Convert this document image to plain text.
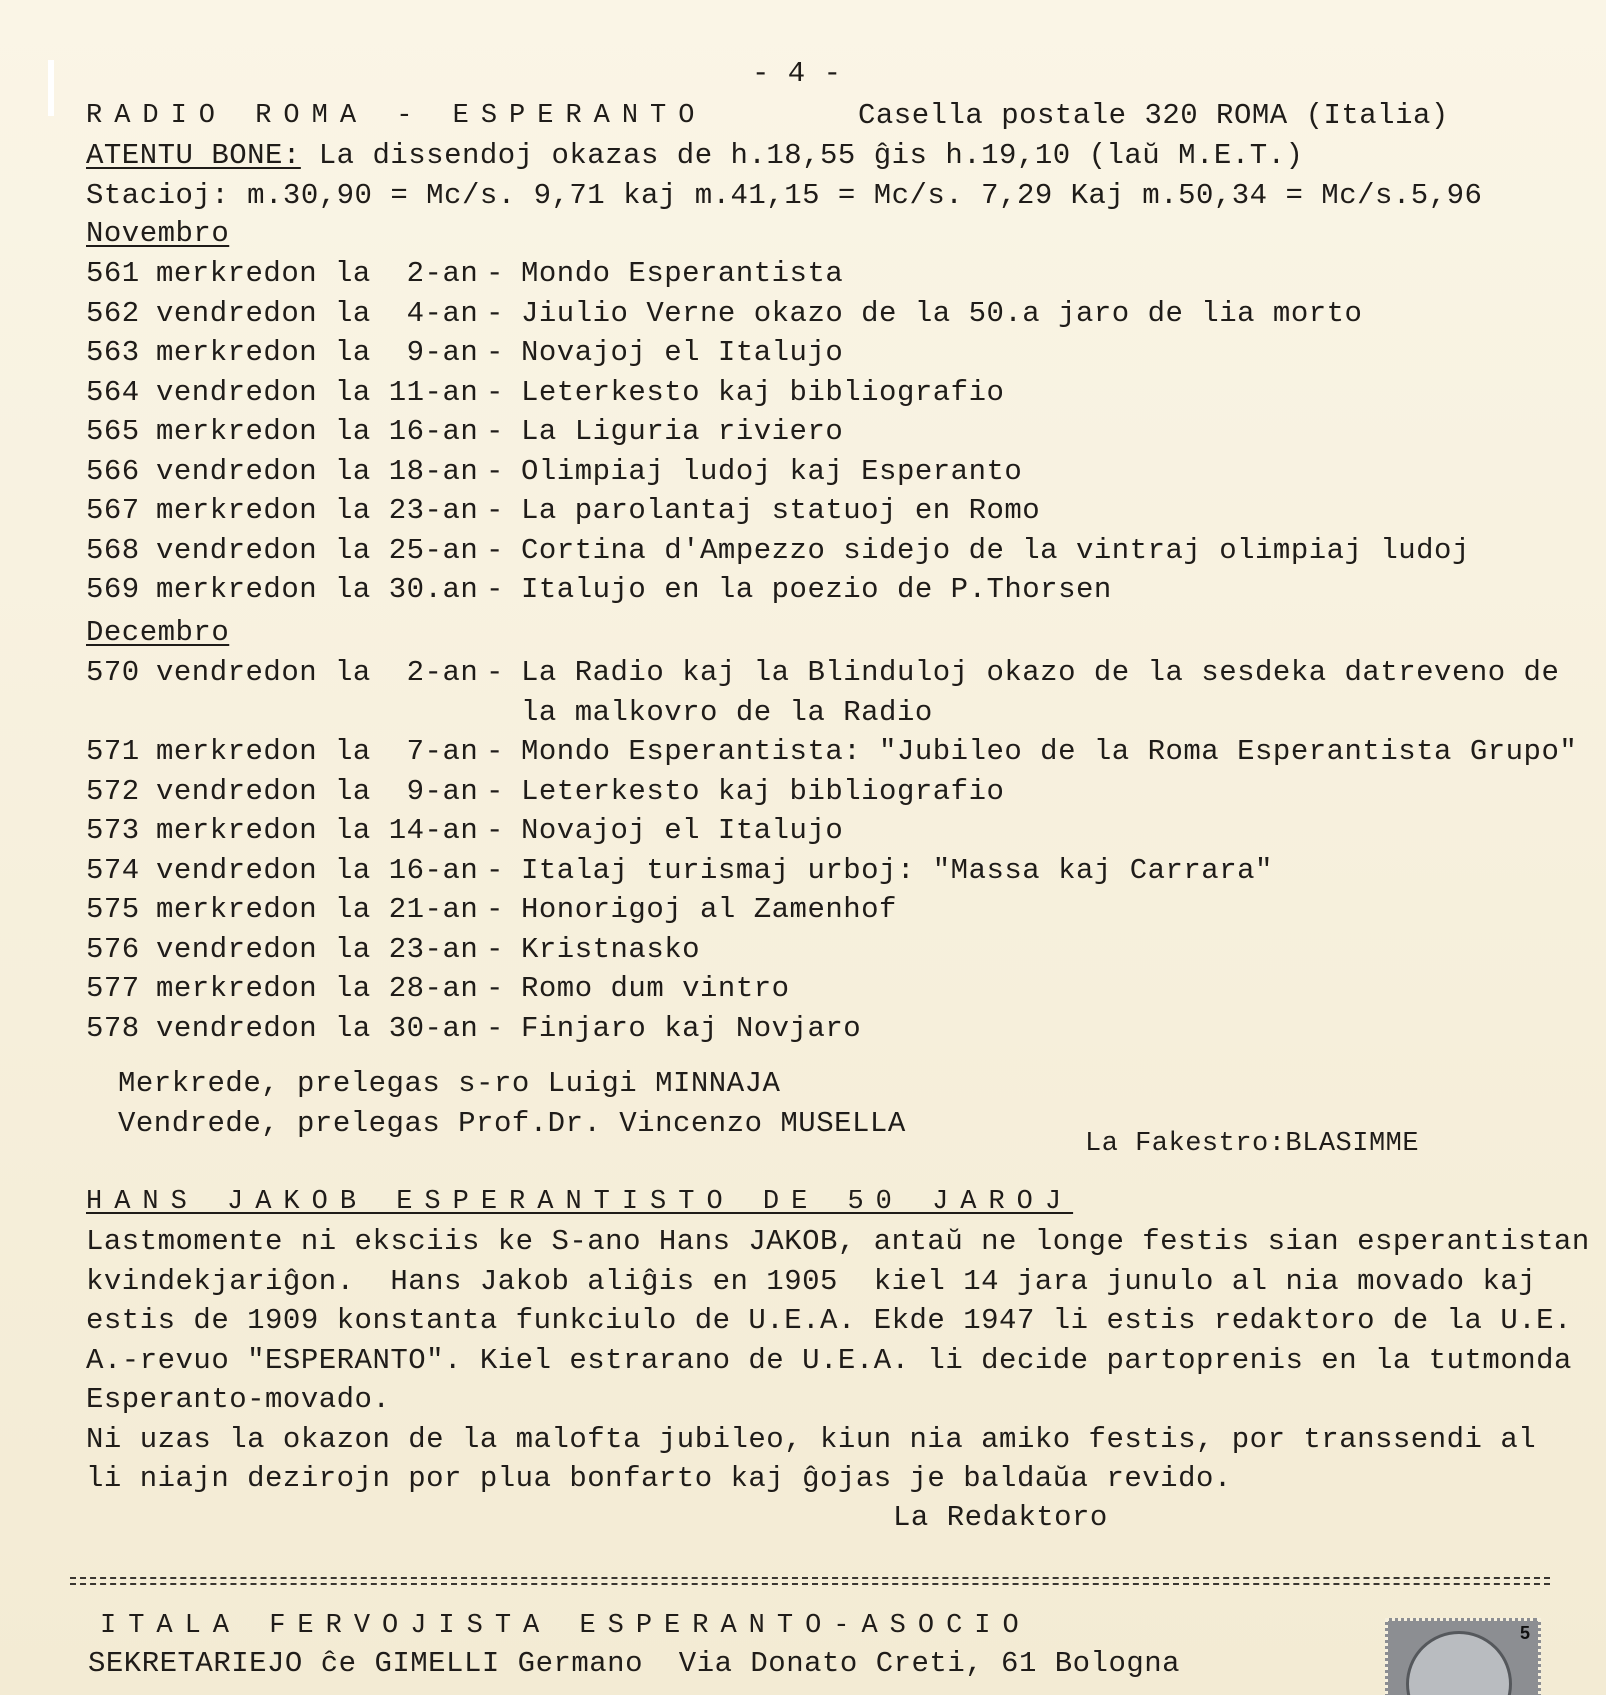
- 4 -
RADIO ROMA - ESPERANTO	Casella postale 320 ROMA (Italia)
ATENTU BONE: La dissendoj okazas de h.18,55 ĝis h.19,10 (laŭ M.E.T.)
Stacioj: m.30,90 = Mc/s. 9,71 kaj m.41,15 = Mc/s. 7,29 Kaj m.50,34 = Mc/s.5,96
Novembro
561 merkredon la  2-an - Mondo Esperantista
562 vendredon la  4-an - Jiulio Verne okazo de la 50.a jaro de lia morto
563 merkredon la  9-an - Novajoj el Italujo
564 vendredon la 11-an - Leterkesto kaj bibliografio
565 merkredon la 16-an - La Liguria riviero
566 vendredon la 18-an - Olimpiaj ludoj kaj Esperanto
567 merkredon la 23-an - La parolantaj statuoj en Romo
568 vendredon la 25-an - Cortina d'Ampezzo sidejo de la vintraj olimpiaj ludoj
569 merkredon la 30.an - Italujo en la poezio de P.Thorsen
Decembro
570 vendredon la  2-an - La Radio kaj la Blinduloj okazo de la sesdeka datreveno de
la malkovro de la Radio
571 merkredon la  7-an - Mondo Esperantista: "Jubileo de la Roma Esperantista Grupo"
572 vendredon la  9-an - Leterkesto kaj bibliografio
573 merkredon la 14-an - Novajoj el Italujo
574 vendredon la 16-an - Italaj turismaj urboj: "Massa kaj Carrara"
575 merkredon la 21-an - Honorigoj al Zamenhof
576 vendredon la 23-an - Kristnasko
577 merkredon la 28-an - Romo dum vintro
578 vendredon la 30-an - Finjaro kaj Novjaro
Merkrede, prelegas s-ro Luigi MINNAJA
Vendrede, prelegas Prof.Dr. Vincenzo MUSELLA
La Fakestro:BLASIMME
HANS JAKOB ESPERANTISTO DE 50 JAROJ
Lastmomente ni eksciis ke S-ano Hans JAKOB, antaŭ ne longe festis sian esperantistan
kvindekjariĝon.  Hans Jakob aliĝis en 1905  kiel 14 jara junulo al nia movado kaj
estis de 1909 konstanta funkciulo de U.E.A. Ekde 1947 li estis redaktoro de la U.E.
A.-revuo "ESPERANTO". Kiel estrarano de U.E.A. li decide partoprenis en la tutmonda
Esperanto-movado.
Ni uzas la okazon de la malofta jubileo, kiun nia amiko festis, por transsendi al
li niajn dezirojn por plua bonfarto kaj ĝojas je baldaŭa revido.
La Redaktoro
ITALA FERVOJISTA ESPERANTO-ASOCIO
SEKRETARIEJO ĉe GIMELLI Germano  Via Donato Creti, 61 Bologna
5
